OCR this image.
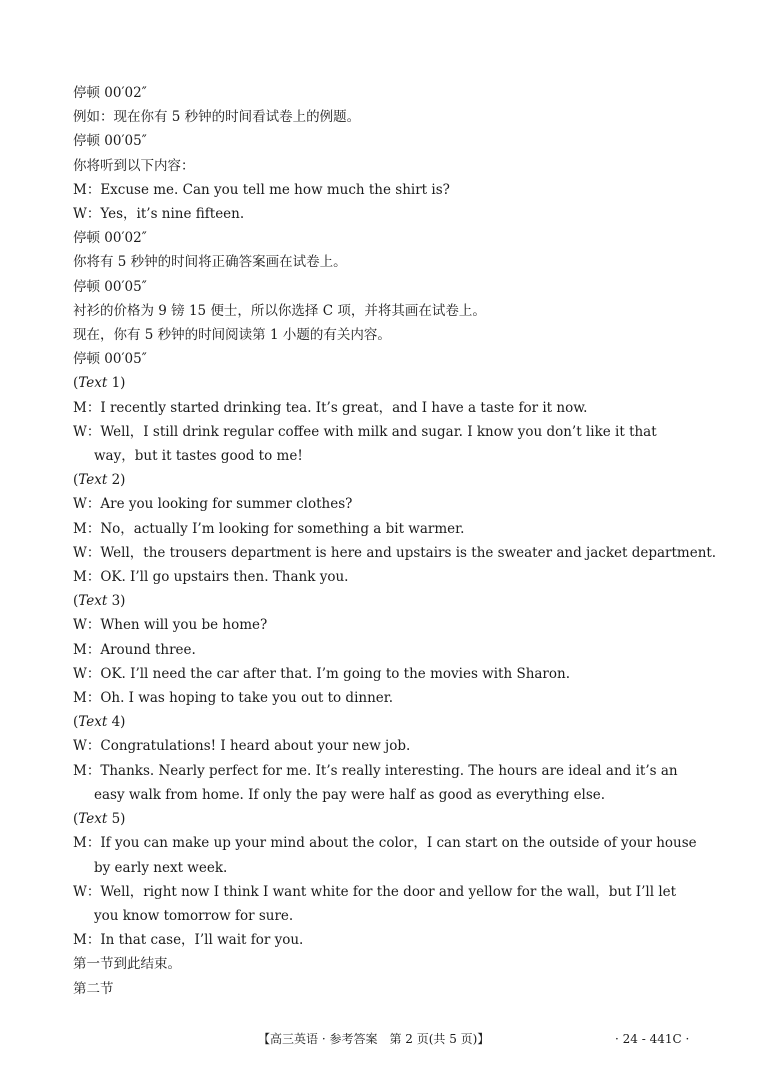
停顿 00′02″
例如：现在你有 5 秒钟的时间看试卷上的例题。
停顿 00′05″
你将听到以下内容：
M：Excuse me. Can you tell me how much the shirt is?
W：Yes，it’s nine fifteen.
停顿 00′02″
你将有 5 秒钟的时间将正确答案画在试卷上。
停顿 00′05″
衬衫的价格为 9 镑 15 便士，所以你选择 C 项，并将其画在试卷上。
现在，你有 5 秒钟的时间阅读第 1 小题的有关内容。
停顿 00′05″
(Text 1)
M：I recently started drinking tea. It’s great，and I have a taste for it now.
W：Well，I still drink regular coffee with milk and sugar. I know you don’t like it that way，but it tastes good to me!
(Text 2)
W：Are you looking for summer clothes?
M：No，actually I’m looking for something a bit warmer.
W：Well，the trousers department is here and upstairs is the sweater and jacket department.
M：OK. I’ll go upstairs then. Thank you.
(Text 3)
W：When will you be home?
M：Around three.
W：OK. I’ll need the car after that. I’m going to the movies with Sharon.
M：Oh. I was hoping to take you out to dinner.
(Text 4)
W：Congratulations! I heard about your new job.
M：Thanks. Nearly perfect for me. It’s really interesting. The hours are ideal and it’s an easy walk from home. If only the pay were half as good as everything else.
(Text 5)
M：If you can make up your mind about the color，I can start on the outside of your house by early next week.
W：Well，right now I think I want white for the door and yellow for the wall，but I’ll let you know tomorrow for sure.
M：In that case，I’ll wait for you.
第一节到此结束。
第二节
【高三英语 · 参考答案　第 2 页(共 5 页)】	· 24 - 441C ·
